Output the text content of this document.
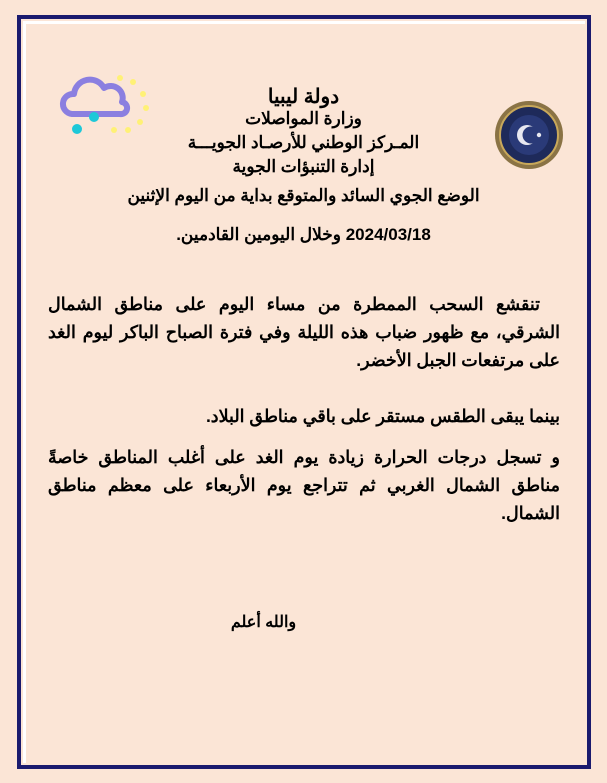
دولة ليبيا
وزارة المواصلات
المـركز الوطني للأرصـاد الجويـــة
إدارة التنبؤات الجوية
الوضع الجوي السائد والمتوقع بداية من اليوم الإثنين
2024/03/18 وخلال اليومين القادمين.
تنقشع السحب الممطرة من مساء اليوم على مناطق الشمال الشرقي، مع ظهور ضباب هذه الليلة وفي فترة الصباح الباكر ليوم الغد على مرتفعات الجبل الأخضر.
بينما يبقى الطقس مستقر على باقي مناطق البلاد.
و تسجل درجات الحرارة زيادة يوم الغد على أغلب المناطق خاصةً مناطق الشمال الغربي ثم تتراجع يوم الأربعاء على معظم مناطق الشمال.
والله أعلم
